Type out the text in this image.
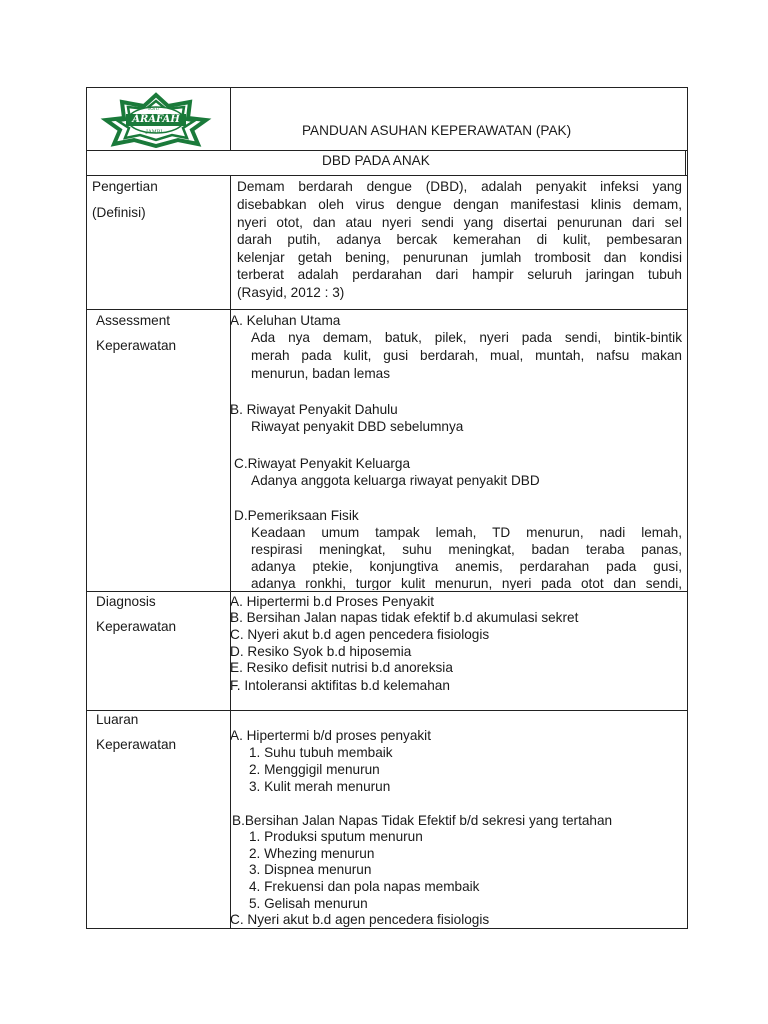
RSU
ARAFAH
JAMBI	PANDUAN ASUHAN KEPERAWATAN (PAK)
DBD PADA ANAK
Pengertian
(Definisi)
Demam berdarah dengue (DBD), adalah penyakit infeksi yang
disebabkan oleh virus dengue dengan manifestasi klinis demam,
nyeri otot, dan atau nyeri sendi yang disertai penurunan dari sel
darah putih, adanya bercak kemerahan di kulit, pembesaran
kelenjar getah bening, penurunan jumlah trombosit dan kondisi
terberat adalah perdarahan dari hampir seluruh jaringan tubuh
(Rasyid, 2012 : 3)
Assessment
Keperawatan
A. Keluhan Utama
Ada nya demam, batuk, pilek, nyeri pada sendi, bintik-bintik
merah pada kulit, gusi berdarah, mual, muntah, nafsu makan
menurun, badan lemas
B. Riwayat Penyakit Dahulu
Riwayat penyakit DBD sebelumnya
C.Riwayat Penyakit Keluarga
Adanya anggota keluarga riwayat penyakit DBD
D.Pemeriksaan Fisik
Keadaan umum tampak lemah, TD menurun, nadi lemah,
respirasi meningkat, suhu meningkat, badan teraba panas,
adanya ptekie, konjungtiva anemis, perdarahan pada gusi,
adanya ronkhi, turgor kulit menurun, nyeri pada otot dan sendi,
Diagnosis
Keperawatan
A. Hipertermi b.d Proses Penyakit
B. Bersihan Jalan napas tidak efektif b.d akumulasi sekret
C. Nyeri akut b.d agen pencedera fisiologis
D. Resiko Syok b.d hiposemia
E. Resiko defisit nutrisi b.d anoreksia
F. Intoleransi aktifitas b.d kelemahan
Luaran
Keperawatan
A. Hipertermi b/d proses penyakit
1. Suhu tubuh membaik
2. Menggigil menurun
3. Kulit merah menurun
B.Bersihan Jalan Napas Tidak Efektif b/d sekresi yang tertahan
1. Produksi sputum menurun
2. Whezing menurun
3. Dispnea menurun
4. Frekuensi dan pola napas membaik
5. Gelisah menurun
C. Nyeri akut b.d agen pencedera fisiologis
